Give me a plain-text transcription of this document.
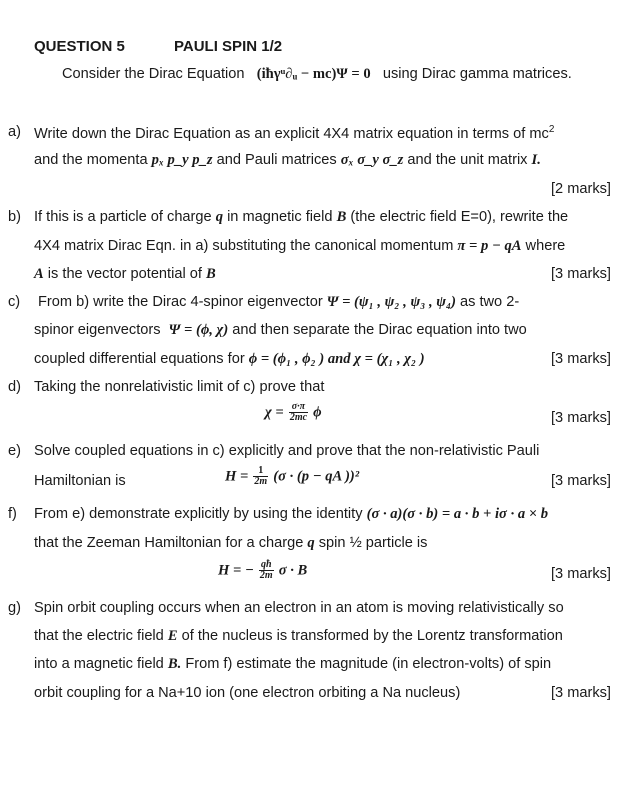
QUESTION 5	PAULI SPIN 1/2
Consider the Dirac Equation (iħγᵘ∂ᵤ − mc)Ψ = 0 using Dirac gamma matrices.
a) Write down the Dirac Equation as an explicit 4X4 matrix equation in terms of $mc^2$
and the momenta pₓ p_y p_z and Pauli matrices σₓ σ_y σ_z and the unit matrix I.
[2 marks]
b) If this is a particle of charge q in magnetic field B (the electric field E=0), rewrite the
4X4 matrix Dirac Eqn. in a) substituting the canonical momentum π = p − qA where
A is the vector potential of B	[3 marks]
c) From b) write the Dirac 4-spinor eigenvector Ψ = (ψ₁ , ψ₂ , ψ₃ , ψ₄) as two 2-
spinor eigenvectors Ψ = (ϕ, χ) and then separate the Dirac equation into two
coupled differential equations for ϕ = (ϕ₁ , ϕ₂ ) and χ = (χ₁ , χ₂ )	[3 marks]
d) Taking the nonrelativistic limit of c) prove that
$\chi = \frac{\sigma\cdot\pi}{2mc}$ ϕ	[3 marks]
e) Solve coupled equations in c) explicitly and prove that the non-relativistic Pauli
Hamiltonian is	$H = \frac{1}{2m} (\sigma \cdot (p$ − qA ))²	[3 marks]
f) From e) demonstrate explicitly by using the identity (σ · a)(σ · b) = a · b + iσ · a × b
that the Zeeman Hamiltonian for a charge q spin ½ particle is
H = − $\frac{qħ}{2m}$ σ · B	[3 marks]
g) Spin orbit coupling occurs when an electron in an atom is moving relativistically so
that the electric field E of the nucleus is transformed by the Lorentz transformation
into a magnetic field B. From f) estimate the magnitude (in electron-volts) of spin
orbit coupling for a Na+10 ion (one electron orbiting a Na nucleus)	[3 marks]
